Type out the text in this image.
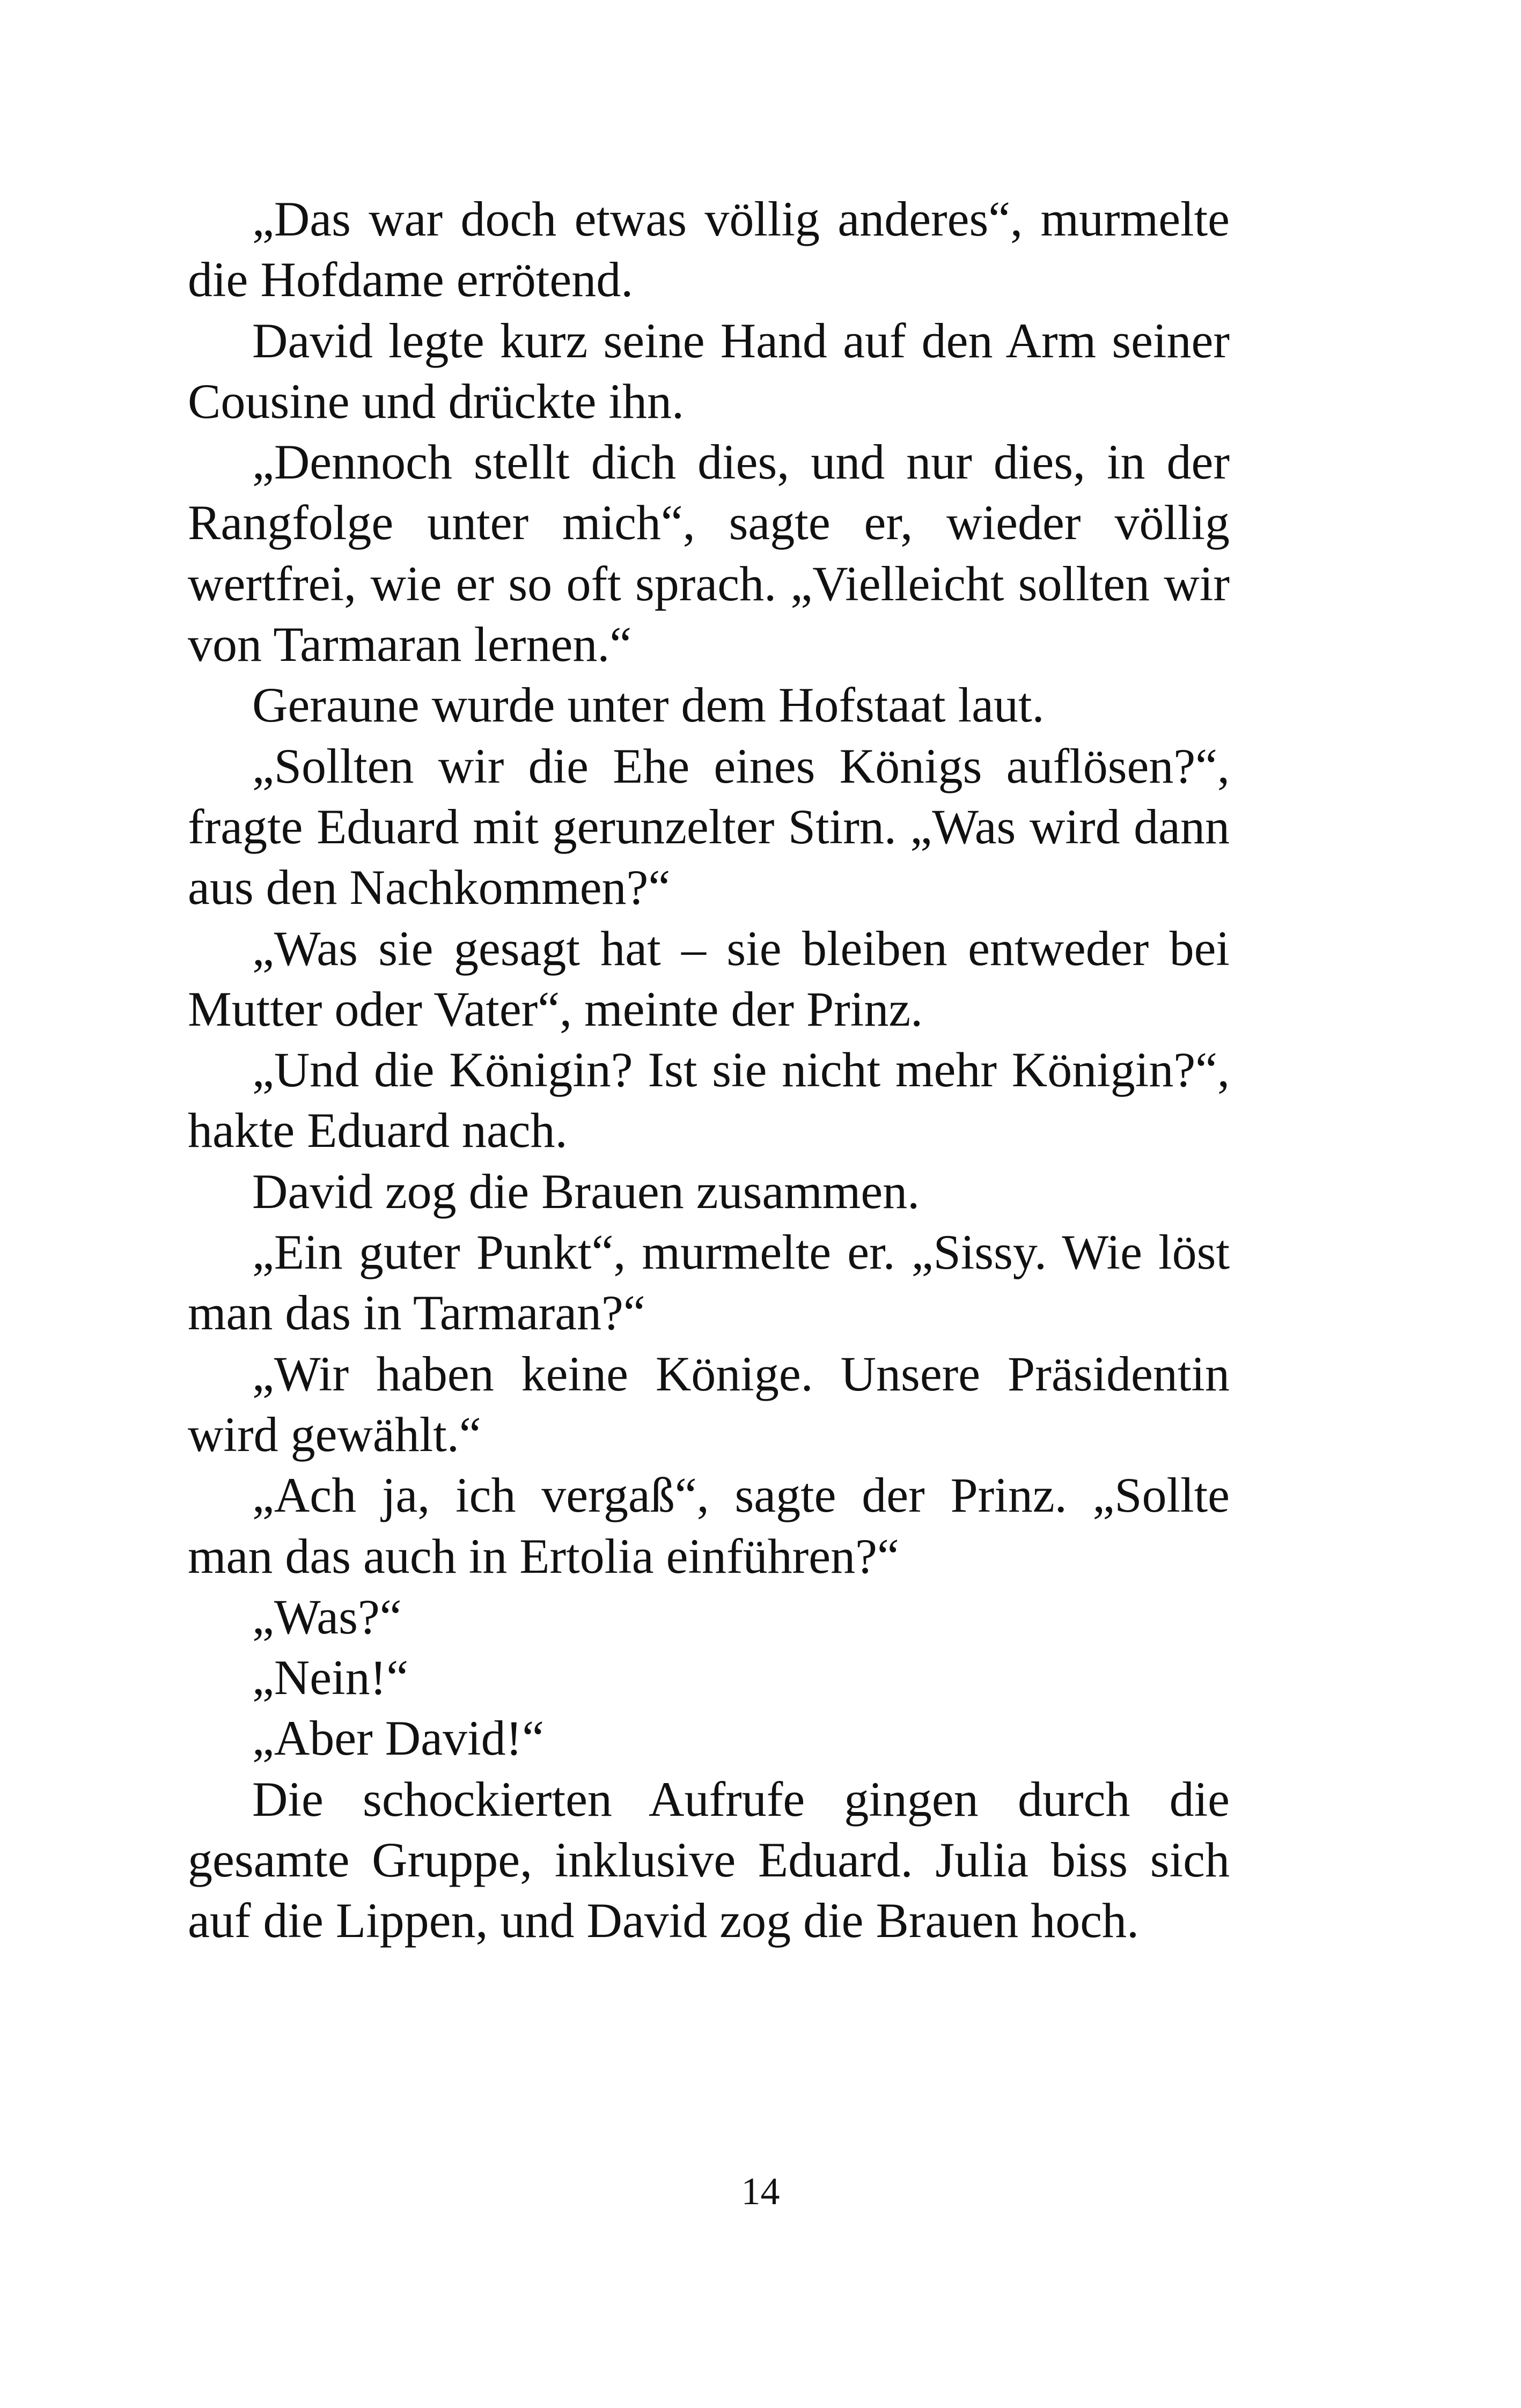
„Das war doch etwas völlig anderes“, murmelte die Hofdame errötend.

David legte kurz seine Hand auf den Arm seiner Cousine und drückte ihn.

„Dennoch stellt dich dies, und nur dies, in der Rangfolge unter mich“, sagte er, wieder völlig wertfrei, wie er so oft sprach. „Vielleicht sollten wir von Tarmaran lernen.“

Geraune wurde unter dem Hofstaat laut.

„Sollten wir die Ehe eines Königs auflösen?“, fragte Eduard mit gerunzelter Stirn. „Was wird dann aus den Nachkommen?“

„Was sie gesagt hat – sie bleiben entweder bei Mutter oder Vater“, meinte der Prinz.

„Und die Königin? Ist sie nicht mehr Königin?“, hakte Eduard nach.

David zog die Brauen zusammen.

„Ein guter Punkt“, murmelte er. „Sissy. Wie löst man das in Tarmaran?“

„Wir haben keine Könige. Unsere Präsidentin wird gewählt.“

„Ach ja, ich vergaß“, sagte der Prinz. „Sollte man das auch in Ertolia einführen?“

„Was?“

„Nein!“

„Aber David!“

Die schockierten Aufrufe gingen durch die gesamte Gruppe, inklusive Eduard. Julia biss sich auf die Lippen, und David zog die Brauen hoch.

14
